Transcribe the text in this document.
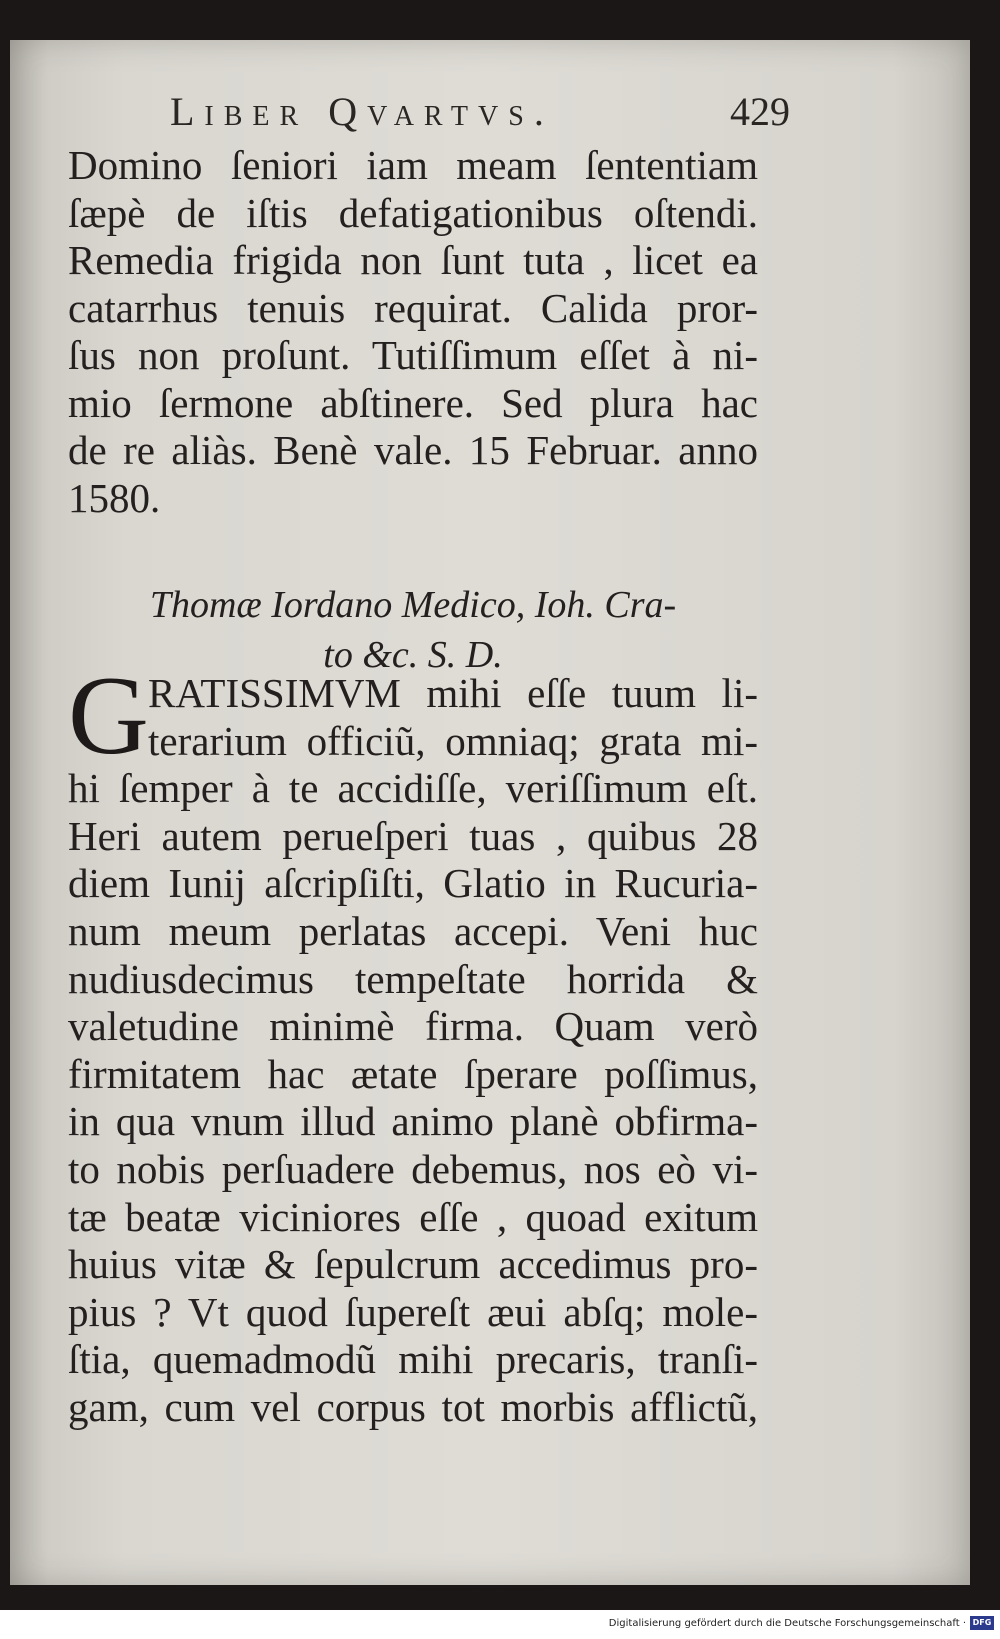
Liber Qvartvs.	429
Domino ſeniori iam meam ſententiam
ſæpè de iſtis defatigationibus oſtendi.
Remedia frigida non ſunt tuta , licet ea
catarrhus tenuis requirat. Calida pror-
ſus non proſunt. Tutiſſimum eſſet à ni-
mio ſermone abſtinere. Sed plura hac
de re aliàs. Benè vale. 15 Februar. anno
1580.
Thomæ Iordano Medico, Ioh. Cra-
to &c. S. D.
G RATISSIMVM mihi eſſe tuum li-
terarium officiũ, omniaq; grata mi-
hi ſemper à te accidiſſe, veriſſimum eſt.
Heri autem perueſperi tuas , quibus 28
diem Iunij aſcripſiſti, Glatio in Rucuria-
num meum perlatas accepi. Veni huc
nudiusdecimus tempeſtate horrida &
valetudine minimè firma. Quam verò
firmitatem hac ætate ſperare poſſimus,
in qua vnum illud animo planè obfirma-
to nobis perſuadere debemus, nos eò vi-
tæ beatæ viciniores eſſe , quoad exitum
huius vitæ & ſepulcrum accedimus pro-
pius ? Vt quod ſupereſt æui abſq; mole-
ſtia, quemadmodũ mihi precaris, tranſi-
gam, cum vel corpus tot morbis afflictũ,
Digitalisierung gefördert durch die Deutsche Forschungsgemeinschaft · DFG
